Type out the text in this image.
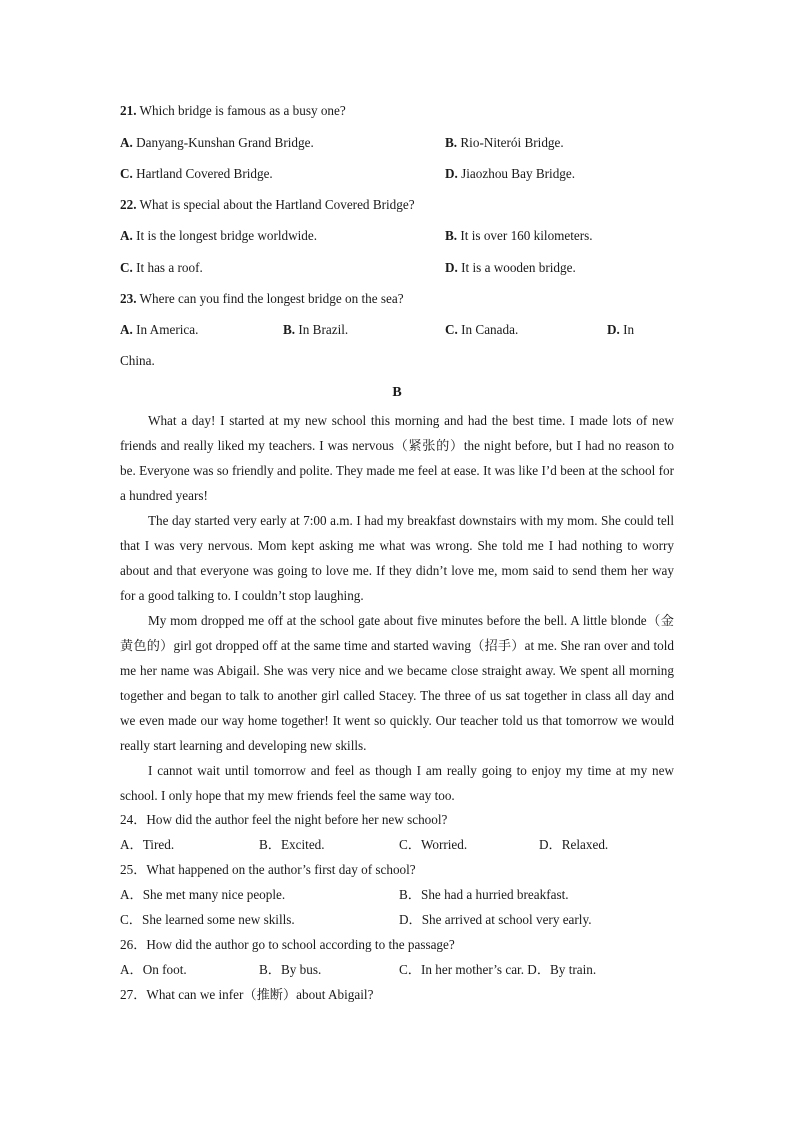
21. Which bridge is famous as a busy one?
A. Danyang-Kunshan Grand Bridge.	B. Rio-Niterói Bridge.
C. Hartland Covered Bridge.	D. Jiaozhou Bay Bridge.
22. What is special about the Hartland Covered Bridge?
A. It is the longest bridge worldwide.	B. It is over 160 kilometers.
C. It has a roof.	D. It is a wooden bridge.
23. Where can you find the longest bridge on the sea?
A. In America.	B. In Brazil.	C. In Canada.	D. In
China.
B

What a day! I started at my new school this morning and had the best time. I made lots of new friends and really liked my teachers. I was nervous（紧张的）the night before, but I had no reason to be. Everyone was so friendly and polite. They made me feel at ease. It was like I’d been at the school for a hundred years!

The day started very early at 7:00 a.m. I had my breakfast downstairs with my mom. She could tell that I was very nervous. Mom kept asking me what was wrong. She told me I had nothing to worry about and that everyone was going to love me. If they didn’t love me, mom said to send them her way for a good talking to. I couldn’t stop laughing.

My mom dropped me off at the school gate about five minutes before the bell. A little blonde（金黄色的）girl got dropped off at the same time and started waving（招手）at me. She ran over and told me her name was Abigail. She was very nice and we became close straight away. We spent all morning together and began to talk to another girl called Stacey. The three of us sat together in class all day and we even made our way home together! It went so quickly. Our teacher told us that tomorrow we would really start learning and developing new skills.

I cannot wait until tomorrow and feel as though I am really going to enjoy my time at my new school. I only hope that my mew friends feel the same way too.

24．How did the author feel the night before her new school?
A．Tired.	B．Excited.	C．Worried.	D．Relaxed.
25．What happened on the author’s first day of school?
A．She met many nice people.	B．She had a hurried breakfast.
C．She learned some new skills.	D．She arrived at school very early.
26．How did the author go to school according to the passage?
A．On foot.	B．By bus.	C．In her mother’s car. D．By train.
27．What can we infer（推断）about Abigail?
